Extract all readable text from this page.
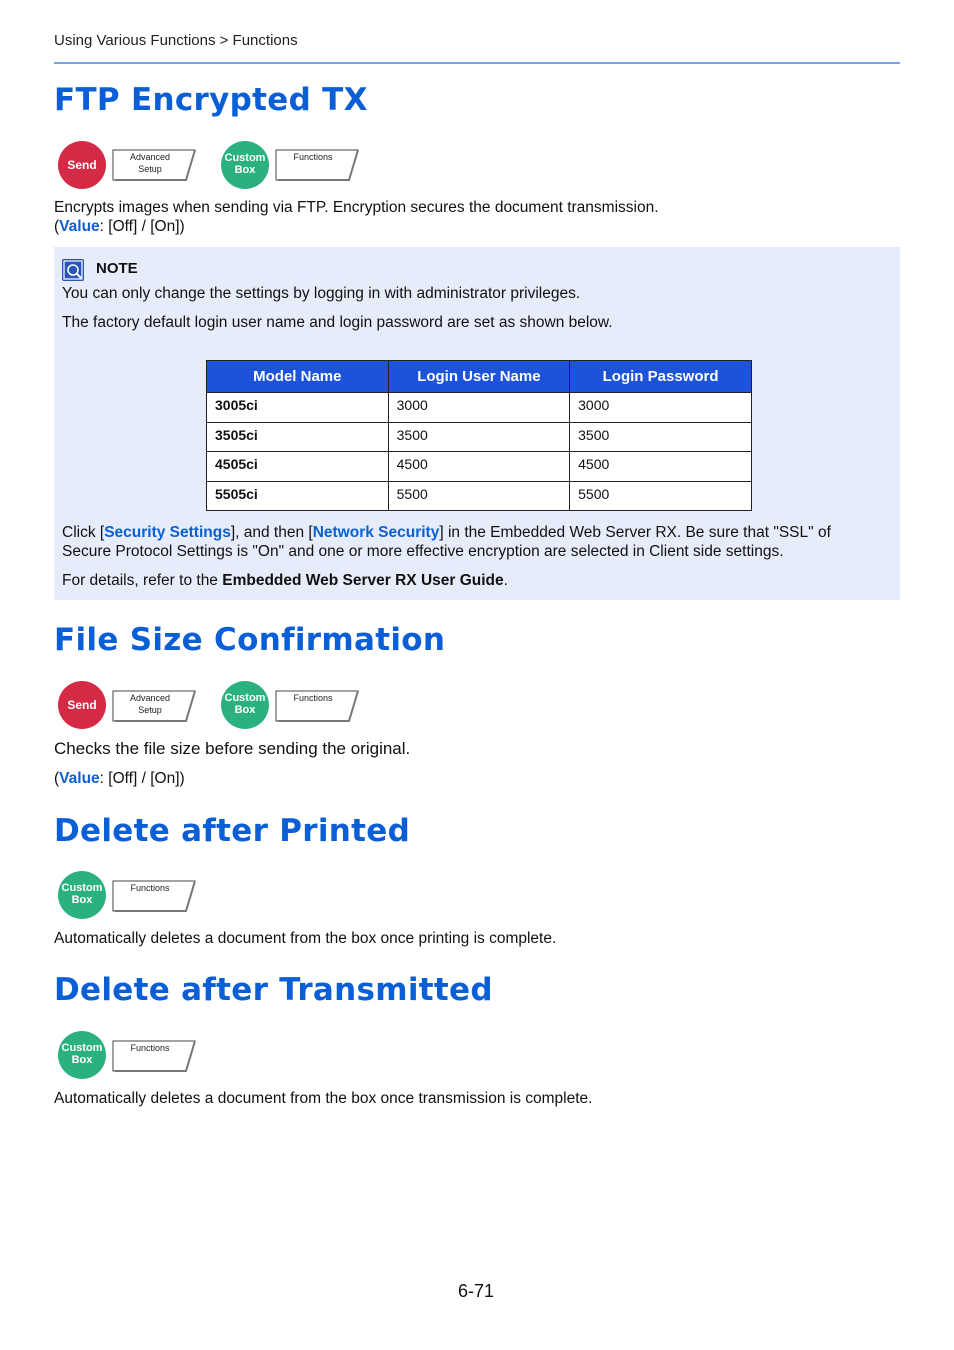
Using Various Functions > Functions
FTP Encrypted TX
Send
Advanced
Setup
Custom
Box
Functions
Encrypts images when sending via FTP. Encryption secures the document transmission.
(Value: [Off] / [On])
NOTE
You can only change the settings by logging in with administrator privileges.
The factory default login user name and login password are set as shown below.
Model Name	Login User Name	Login Password
3005ci	3000	3000
3505ci	3500	3500
4505ci	4500	4500
5505ci	5500	5500
Click [Security Settings], and then [Network Security] in the Embedded Web Server RX. Be sure that "SSL" of
Secure Protocol Settings is "On" and one or more effective encryption are selected in Client side settings.
For details, refer to the Embedded Web Server RX User Guide.
File Size Confirmation
Send	Advanced
Setup
Custom
Box
Functions
Checks the file size before sending the original.
(Value: [Off] / [On])
Delete after Printed
Custom
Box
Functions
Automatically deletes a document from the box once printing is complete.
Delete after Transmitted
Custom
Box
Functions
Automatically deletes a document from the box once transmission is complete.
6-71
